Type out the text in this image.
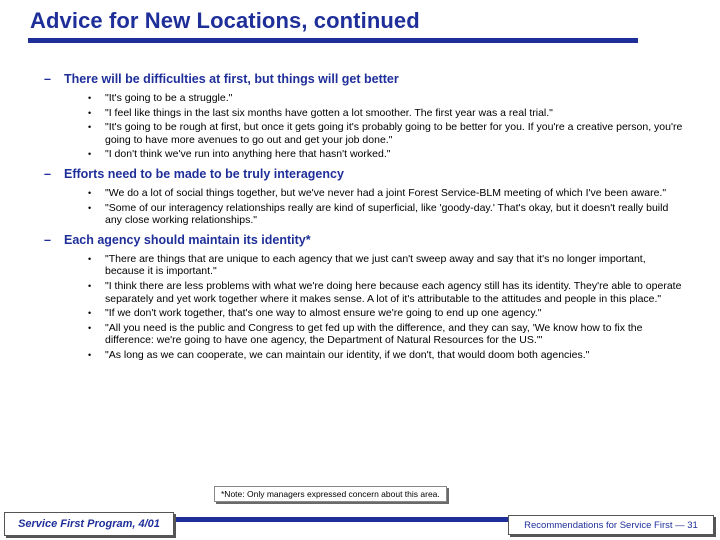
Advice for New Locations, continued
–	There will be difficulties at first, but things will get better
•	"It's going to be a struggle."
•	"I feel like things in the last six months have gotten a lot smoother. The first year was a real trial."
•	"It's going to be rough at first, but once it gets going it's probably going to be better for you. If you're a creative person, you're going to have more avenues to go out and get your job done."
•	"I don't think we've run into anything here that hasn't worked."
–	Efforts need to be made to be truly interagency
•	"We do a lot of social things together, but we've never had a joint Forest Service-BLM meeting of which I've been aware."
•	"Some of our interagency relationships really are kind of superficial, like 'goody-day.' That's okay, but it doesn't really build any close working relationships."
–	Each agency should maintain its identity*
•	"There are things that are unique to each agency that we just can't sweep away and say that it's no longer important, because it is important."
•	"I think there are less problems with what we're doing here because each agency still has its identity. They're able to operate separately and yet work together where it makes sense. A lot of it's attributable to the attitudes and people in this place."
•	"If we don't work together, that's one way to almost ensure we're going to end up one agency."
•	"All you need is the public and Congress to get fed up with the difference, and they can say, 'We know how to fix the difference: we're going to have one agency, the Department of Natural Resources for the US.'"
•	"As long as we can cooperate, we can maintain our identity, if we don't, that would doom both agencies."
*Note: Only managers expressed concern about this area.
Service First Program, 4/01	Recommendations for Service First — 31
